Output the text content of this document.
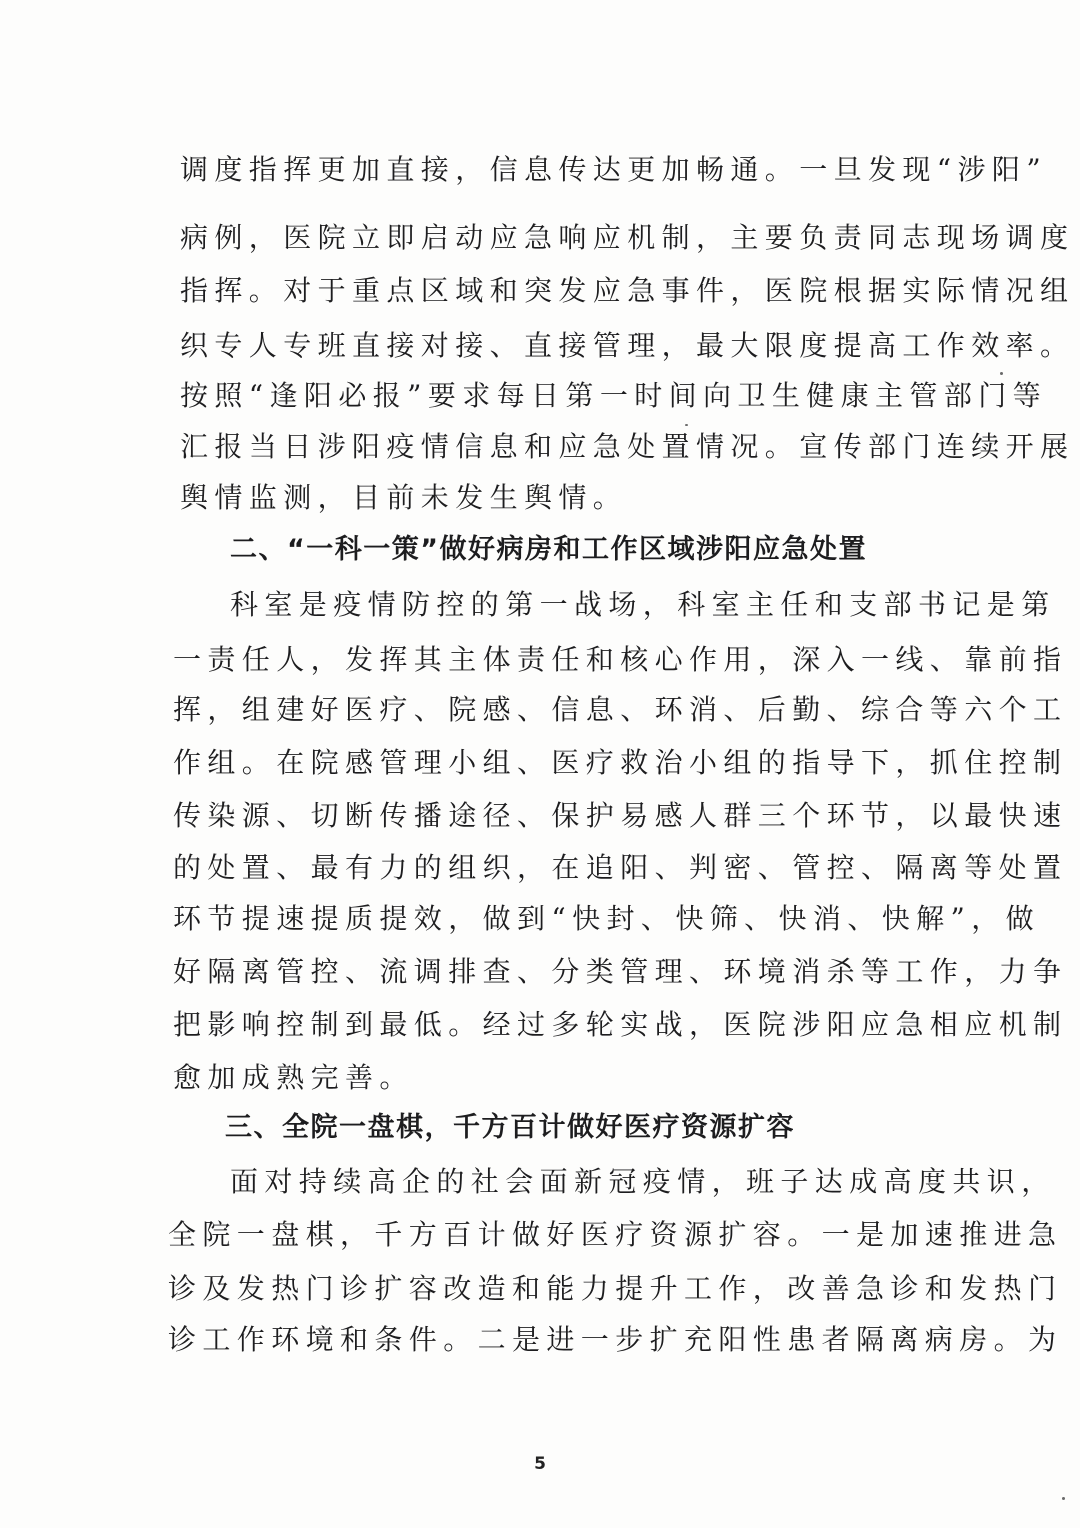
调度指挥更加直接，信息传达更加畅通。一旦发现“涉阳”
病例，医院立即启动应急响应机制，主要负责同志现场调度
指挥。对于重点区域和突发应急事件，医院根据实际情况组
织专人专班直接对接、直接管理，最大限度提高工作效率。
按照“逢阳必报”要求每日第一时间向卫生健康主管部门等
汇报当日涉阳疫情信息和应急处置情况。宣传部门连续开展
舆情监测，目前未发生舆情。
二、“一科一策”做好病房和工作区域涉阳应急处置
科室是疫情防控的第一战场，科室主任和支部书记是第
一责任人，发挥其主体责任和核心作用，深入一线、靠前指
挥，组建好医疗、院感、信息、环消、后勤、综合等六个工
作组。在院感管理小组、医疗救治小组的指导下，抓住控制
传染源、切断传播途径、保护易感人群三个环节，以最快速
的处置、最有力的组织，在追阳、判密、管控、隔离等处置
环节提速提质提效，做到“快封、快筛、快消、快解”，做
好隔离管控、流调排查、分类管理、环境消杀等工作，力争
把影响控制到最低。经过多轮实战，医院涉阳应急相应机制
愈加成熟完善。
三、全院一盘棋，千方百计做好医疗资源扩容
面对持续高企的社会面新冠疫情，班子达成高度共识，
全院一盘棋，千方百计做好医疗资源扩容。一是加速推进急
诊及发热门诊扩容改造和能力提升工作，改善急诊和发热门
诊工作环境和条件。二是进一步扩充阳性患者隔离病房。为
5
